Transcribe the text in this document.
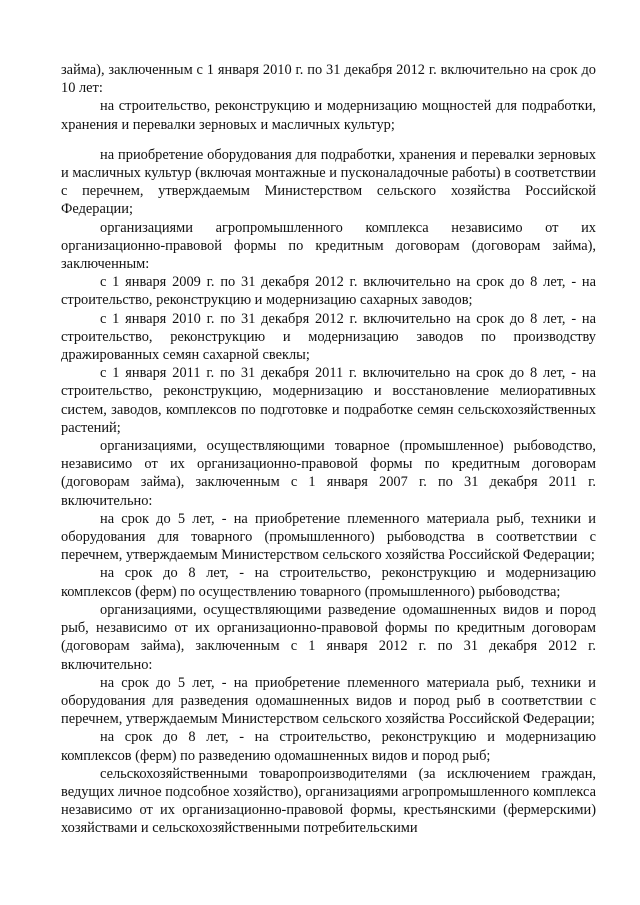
займа), заключенным с 1 января 2010 г. по 31 декабря 2012 г. включительно на срок до 10 лет:

на строительство, реконструкцию и модернизацию мощностей для подработки, хранения и перевалки зерновых и масличных культур;

на приобретение оборудования для подработки, хранения и перевалки зерновых и масличных культур (включая монтажные и пусконаладочные работы) в соответствии с перечнем, утверждаемым Министерством сельского хозяйства Российской Федерации;

организациями агропромышленного комплекса независимо от их организационно-правовой формы по кредитным договорам (договорам займа), заключенным:

с 1 января 2009 г. по 31 декабря 2012 г. включительно на срок до 8 лет, - на строительство, реконструкцию и модернизацию сахарных заводов;

с 1 января 2010 г. по 31 декабря 2012 г. включительно на срок до 8 лет, - на строительство, реконструкцию и модернизацию заводов по производству дражированных семян сахарной свеклы;

с 1 января 2011 г. по 31 декабря 2011 г. включительно на срок до 8 лет, - на строительство, реконструкцию, модернизацию и восстановление мелиоративных систем, заводов, комплексов по подготовке и подработке семян сельскохозяйственных растений;

организациями, осуществляющими товарное (промышленное) рыбоводство, независимо от их организационно-правовой формы по кредитным договорам (договорам займа), заключенным с 1 января 2007 г. по 31 декабря 2011 г. включительно:

на срок до 5 лет, - на приобретение племенного материала рыб, техники и оборудования для товарного (промышленного) рыбоводства в соответствии с перечнем, утверждаемым Министерством сельского хозяйства Российской Федерации;

на срок до 8 лет, - на строительство, реконструкцию и модернизацию комплексов (ферм) по осуществлению товарного (промышленного) рыбоводства;

организациями, осуществляющими разведение одомашненных видов и пород рыб, независимо от их организационно-правовой формы по кредитным договорам (договорам займа), заключенным с 1 января 2012 г. по 31 декабря 2012 г. включительно:

на срок до 5 лет, - на приобретение племенного материала рыб, техники и оборудования для разведения одомашненных видов и пород рыб в соответствии с перечнем, утверждаемым Министерством сельского хозяйства Российской Федерации;

на срок до 8 лет, - на строительство, реконструкцию и модернизацию комплексов (ферм) по разведению одомашненных видов и пород рыб;

сельскохозяйственными товаропроизводителями (за исключением граждан, ведущих личное подсобное хозяйство), организациями агропромышленного комплекса независимо от их организационно-правовой формы, крестьянскими (фермерскими) хозяйствами и сельскохозяйственными потребительскими
